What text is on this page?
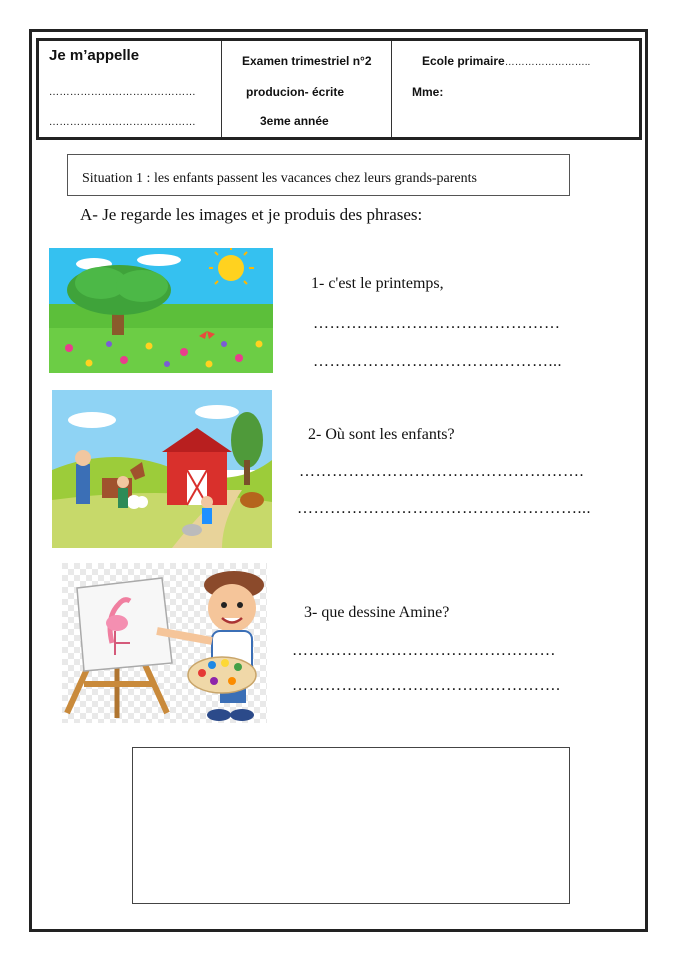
Je m’appelle
……………………………………
……………………………………
Examen trimestriel n°2
producion- écrite
3eme année
Ecole primaire……………………..
Mme:
Situation 1 : les enfants passent les vacances chez leurs grands-parents
A- Je regarde les images et je produis des phrases:
1- c'est le printemps,
………………………………………
…………………………….………...
2- Où sont les enfants?
…………………………………………….
……………………………………………...
3- que dessine Amine?
…………………………………………
………………………………………….
